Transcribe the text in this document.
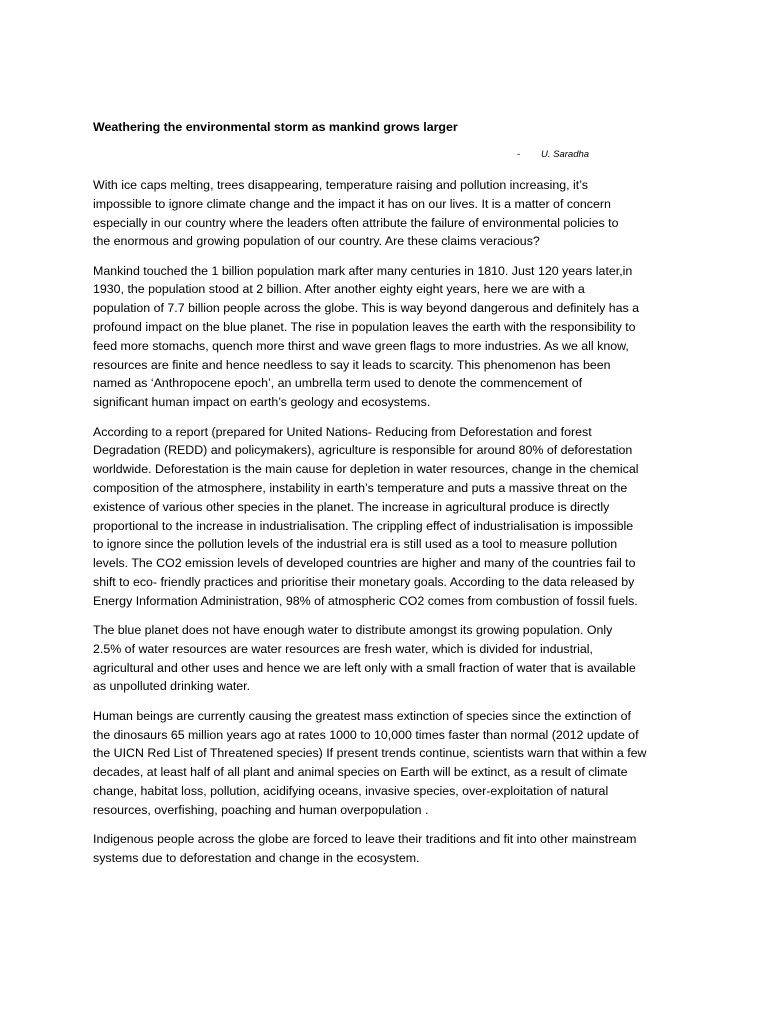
Weathering the environmental storm as mankind grows larger
- U. Saradha

With ice caps melting, trees disappearing, temperature raising and pollution increasing, it’s
impossible to ignore climate change and the impact it has on our lives. It is a matter of concern
especially in our country where the leaders often attribute the failure of environmental policies to
the enormous and growing population of our country. Are these claims veracious?

Mankind touched the 1 billion population mark after many centuries in 1810. Just 120 years later,in
1930, the population stood at 2 billion. After another eighty eight years, here we are with a
population of 7.7 billion people across the globe. This is way beyond dangerous and definitely has a
profound impact on the blue planet. The rise in population leaves the earth with the responsibility to
feed more stomachs, quench more thirst and wave green flags to more industries. As we all know,
resources are finite and hence needless to say it leads to scarcity. This phenomenon has been
named as ‘Anthropocene epoch’, an umbrella term used to denote the commencement of
significant human impact on earth’s geology and ecosystems.

According to a report (prepared for United Nations- Reducing from Deforestation and forest
Degradation (REDD) and policymakers), agriculture is responsible for around 80% of deforestation
worldwide. Deforestation is the main cause for depletion in water resources, change in the chemical
composition of the atmosphere, instability in earth’s temperature and puts a massive threat on the
existence of various other species in the planet. The increase in agricultural produce is directly
proportional to the increase in industrialisation. The crippling effect of industrialisation is impossible
to ignore since the pollution levels of the industrial era is still used as a tool to measure pollution
levels. The CO2 emission levels of developed countries are higher and many of the countries fail to
shift to eco- friendly practices and prioritise their monetary goals. According to the data released by
Energy Information Administration, 98% of atmospheric CO2 comes from combustion of fossil fuels.

The blue planet does not have enough water to distribute amongst its growing population. Only
2.5% of water resources are water resources are fresh water, which is divided for industrial,
agricultural and other uses and hence we are left only with a small fraction of water that is available
as unpolluted drinking water.

Human beings are currently causing the greatest mass extinction of species since the extinction of
the dinosaurs 65 million years ago at rates 1000 to 10,000 times faster than normal (2012 update of
the UICN Red List of Threatened species) If present trends continue, scientists warn that within a few
decades, at least half of all plant and animal species on Earth will be extinct, as a result of climate
change, habitat loss, pollution, acidifying oceans, invasive species, over-exploitation of natural
resources, overfishing, poaching and human overpopulation .

Indigenous people across the globe are forced to leave their traditions and fit into other mainstream
systems due to deforestation and change in the ecosystem.
